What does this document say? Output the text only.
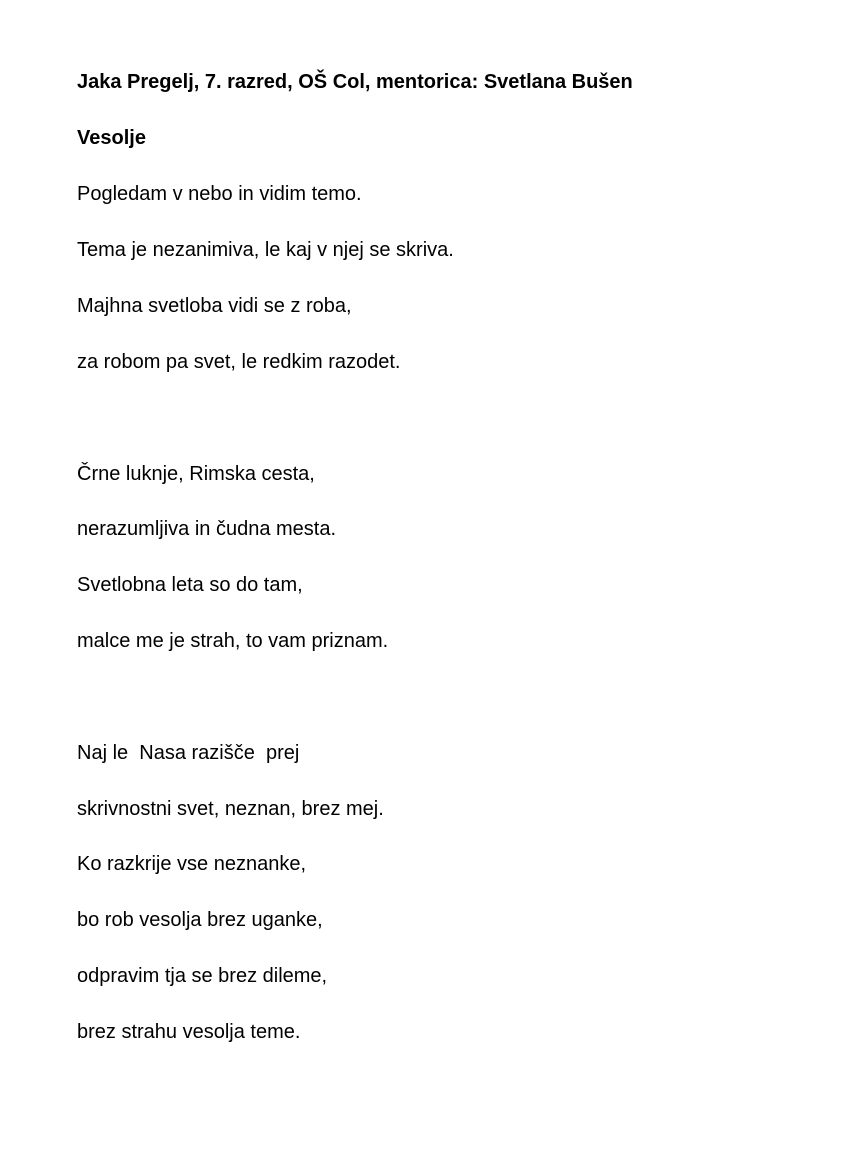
Jaka Pregelj, 7. razred, OŠ Col, mentorica: Svetlana Bušen

Vesolje

Pogledam v nebo in vidim temo.

Tema je nezanimiva, le kaj v njej se skriva.

Majhna svetloba vidi se z roba,

za robom pa svet, le redkim razodet.

Črne luknje, Rimska cesta,

nerazumljiva in čudna mesta.

Svetlobna leta so do tam,

malce me je strah, to vam priznam.

Naj le  Nasa razišče  prej

skrivnostni svet, neznan, brez mej.

Ko razkrije vse neznanke,

bo rob vesolja brez uganke,

odpravim tja se brez dileme,

brez strahu vesolja teme.
